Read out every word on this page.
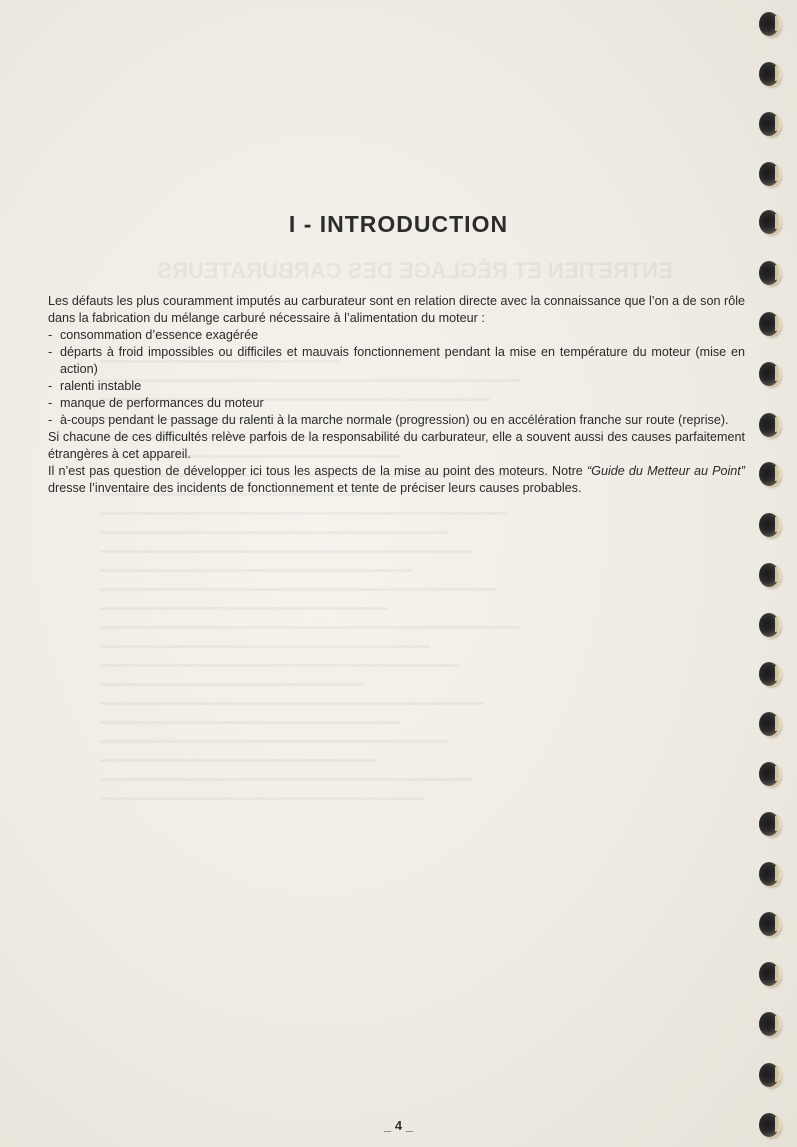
ENTRETIEN ET RÉGLAGE DES CARBURATEURS
I - INTRODUCTION

Les défauts les plus couramment imputés au carburateur sont en relation directe avec la connaissance que l’on a de son rôle dans la fabrication du mélange carburé nécessaire à l’alimentation du moteur :

- consommation d’essence exagérée
- départs à froid impossibles ou difficiles et mauvais fonctionnement pendant la mise en température du moteur (mise en action)
- ralenti instable
- manque de performances du moteur
- à-coups pendant le passage du ralenti à la marche normale (progression) ou en accélération franche sur route (reprise).

Si chacune de ces difficultés relève parfois de la responsabilité du carburateur, elle a souvent aussi des causes parfaitement étrangères à cet appareil.

Il n’est pas question de développer ici tous les aspects de la mise au point des moteurs. Notre “Guide du Metteur au Point” dresse l’inventaire des incidents de fonctionnement et tente de préciser leurs causes probables.

_ 4 _
